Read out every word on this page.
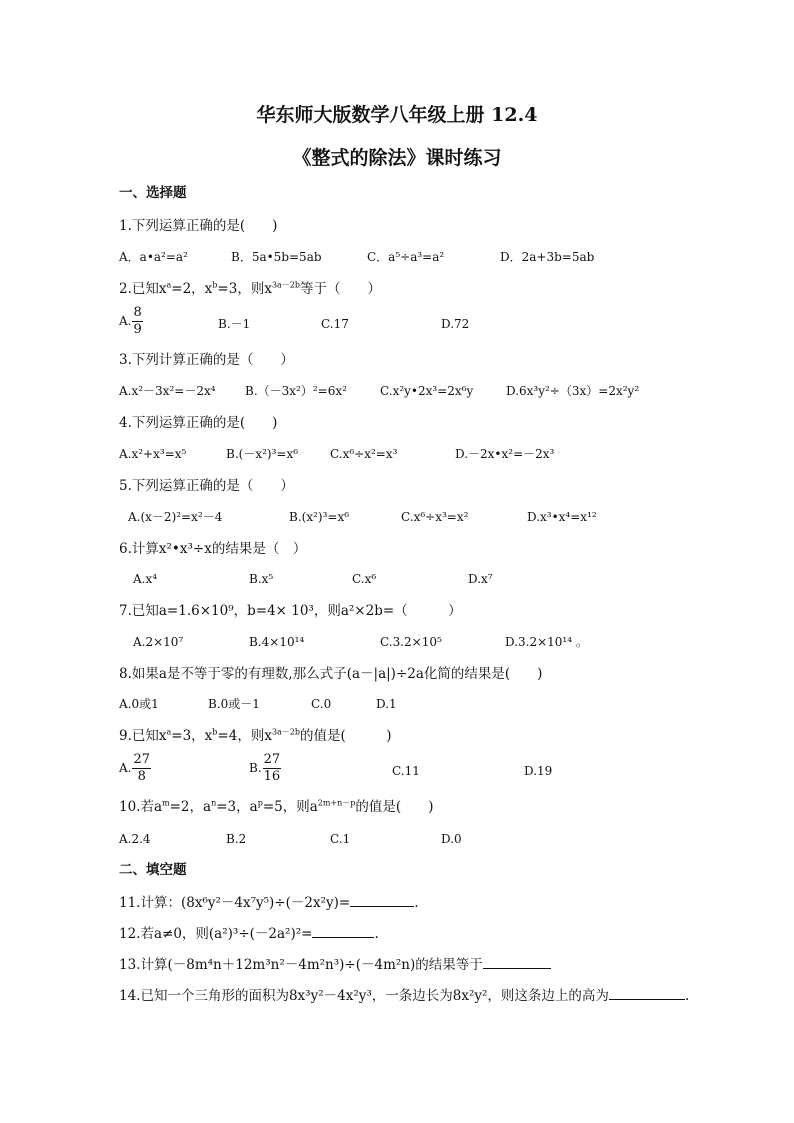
华东师大版数学八年级上册 12.4
《整式的除法》课时练习
一、选择题
1.下列运算正确的是(　　)
A．a•a²=a²	B．5a•5b=5ab	C．a⁵÷a³=a²	D．2a+3b=5ab
2.已知$x^a=2$，$x^b=3$，则$x^{3a-2b}$等于（　　）
A. $\frac{8}{9}$	B.－1	C.17	D.72
3.下列计算正确的是（　　）
A.x²－3x²=－2x⁴ B.（－3x²）²=6x²	C.x²y•2x³=2x⁶y	D.6x³y²÷（3x）=2x²y²
4.下列运算正确的是(　　)
A.x²+x³=x⁵	B.(－x²)³=x⁶	C.x⁶÷x²=x³	D.－2x•x²=－2x³
5.下列运算正确的是（　　）
A.(x－2)²=x²－4	B.(x²)³=x⁶	C.x⁶÷x³=x²	D.x³•x⁴=x¹²
6.计算x²•x³÷x的结果是（　）
A.x⁴	B.x⁵	C.x⁶	D.x⁷
7.已知a=1.6×10⁹，b=4× 10³，则a²×2b=（　　　）
A.2×10⁷	B.4×10¹⁴	C.3.2×10⁵	D.3.2×10¹⁴ 。
8.如果a是不等于零的有理数,那么式子(a－|a|)÷2a化简的结果是(　　)
A.0或1	B.0或－1	C.0	D.1
9.已知$x^a=3$，$x^b=4$，则$x^{3a-2b}$的值是(　　　)
A. $\frac{27}{8}$	B. $\frac{27}{16}$	C.11	D.19
10.若$a^m=2$，$a^n=3$，$a^p=5$，则$a^{2m+n-p}$的值是(　　)
A.2.4	B.2	C.1	D.0
二、填空题
11.计算：(8x⁶y²－4x⁷y⁵)÷(－2x²y)=	.
12.若a≠0，则(a²)³÷(－2a²)²=	.
13.计算(－8m⁴n＋12m³n²－4m²n³)÷(－4m²n)的结果等于
14.已知一个三角形的面积为8x³y²－4x²y³，一条边长为8x²y²，则这条边上的高为	.
